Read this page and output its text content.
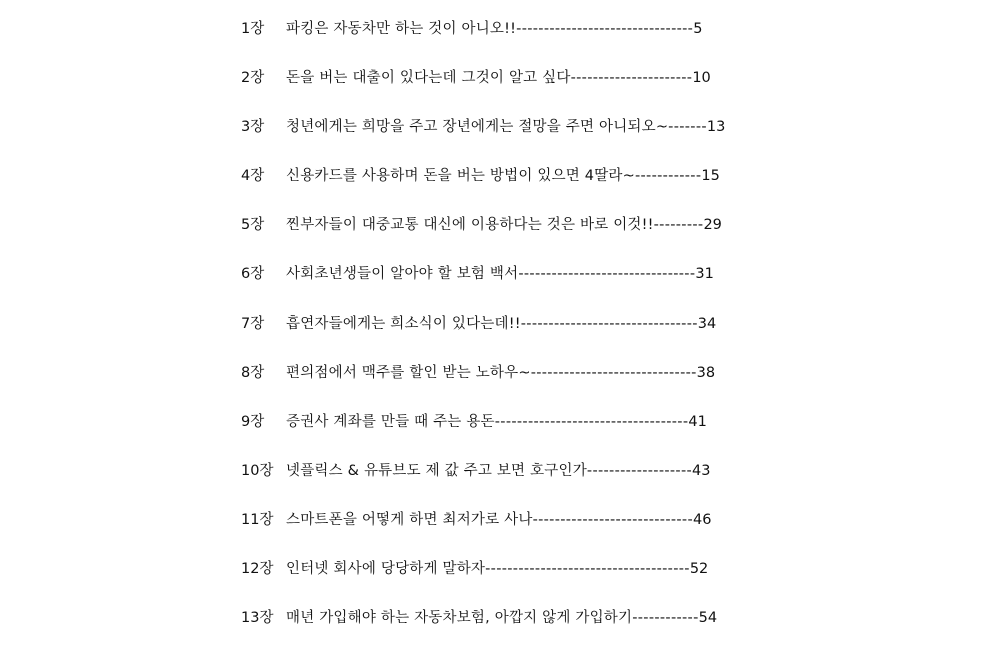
1장	파킹은 자동차만 하는 것이 아니오!! -------------------------------- 5
2장	돈을 버는 대출이 있다는데 그것이 알고 싶다 ---------------------- 10
3장	청년에게는 희망을 주고 장년에게는 절망을 주면 아니되오~ ------- 13
4장	신용카드를 사용하며 돈을 버는 방법이 있으면 4딸라~ ------------ 15
5장	찐부자들이 대중교통 대신에 이용하다는 것은 바로 이것!! --------- 29
6장	사회초년생들이 알아야 할 보험 백서 -------------------------------- 31
7장	흡연자들에게는 희소식이 있다는데!! -------------------------------- 34
8장	편의점에서 맥주를 할인 받는 노하우~ ------------------------------ 38
9장	증권사 계좌를 만들 때 주는 용돈 ----------------------------------- 41
10장 넷플릭스 & 유튜브도 제 값 주고 보면 호구인가 ------------------- 43
11장 스마트폰을 어떻게 하면 최저가로 사나 ----------------------------- 46
12장 인터넷 회사에 당당하게 말하자 ------------------------------------- 52
13장 매년 가입해야 하는 자동차보험, 아깝지 않게 가입하기 ------------ 54
